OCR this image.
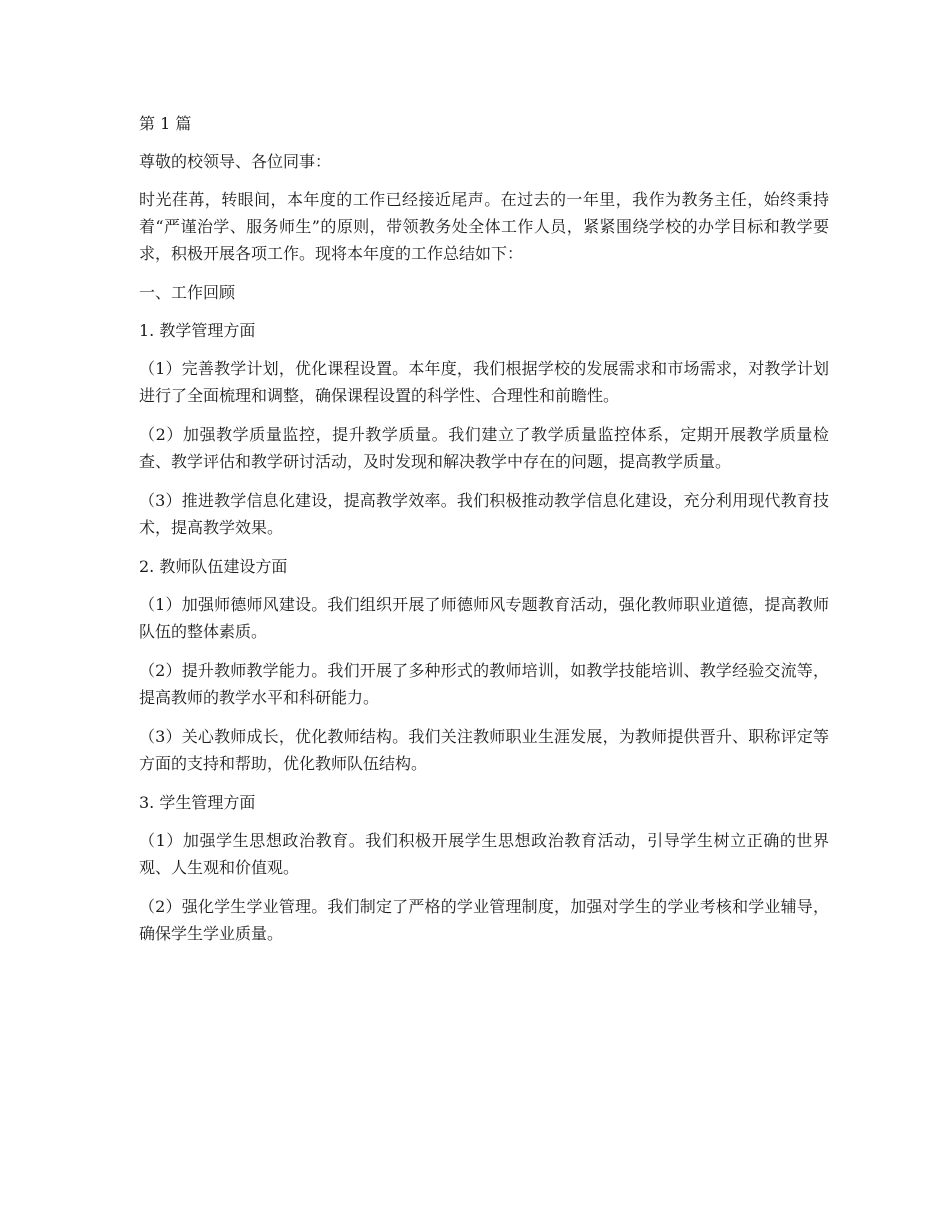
第 1 篇

尊敬的校领导、各位同事：

时光荏苒，转眼间，本年度的工作已经接近尾声。在过去的一年里，我作为教务主任，始终秉持着“严谨治学、服务师生”的原则，带领教务处全体工作人员，紧紧围绕学校的办学目标和教学要求，积极开展各项工作。现将本年度的工作总结如下：

一、工作回顾

1. 教学管理方面

（1）完善教学计划，优化课程设置。本年度，我们根据学校的发展需求和市场需求，对教学计划进行了全面梳理和调整，确保课程设置的科学性、合理性和前瞻性。

（2）加强教学质量监控，提升教学质量。我们建立了教学质量监控体系，定期开展教学质量检查、教学评估和教学研讨活动，及时发现和解决教学中存在的问题，提高教学质量。

（3）推进教学信息化建设，提高教学效率。我们积极推动教学信息化建设，充分利用现代教育技术，提高教学效果。

2. 教师队伍建设方面

（1）加强师德师风建设。我们组织开展了师德师风专题教育活动，强化教师职业道德，提高教师队伍的整体素质。

（2）提升教师教学能力。我们开展了多种形式的教师培训，如教学技能培训、教学经验交流等，提高教师的教学水平和科研能力。

（3）关心教师成长，优化教师结构。我们关注教师职业生涯发展，为教师提供晋升、职称评定等方面的支持和帮助，优化教师队伍结构。

3. 学生管理方面

（1）加强学生思想政治教育。我们积极开展学生思想政治教育活动，引导学生树立正确的世界观、人生观和价值观。

（2）强化学生学业管理。我们制定了严格的学业管理制度，加强对学生的学业考核和学业辅导，确保学生学业质量。
